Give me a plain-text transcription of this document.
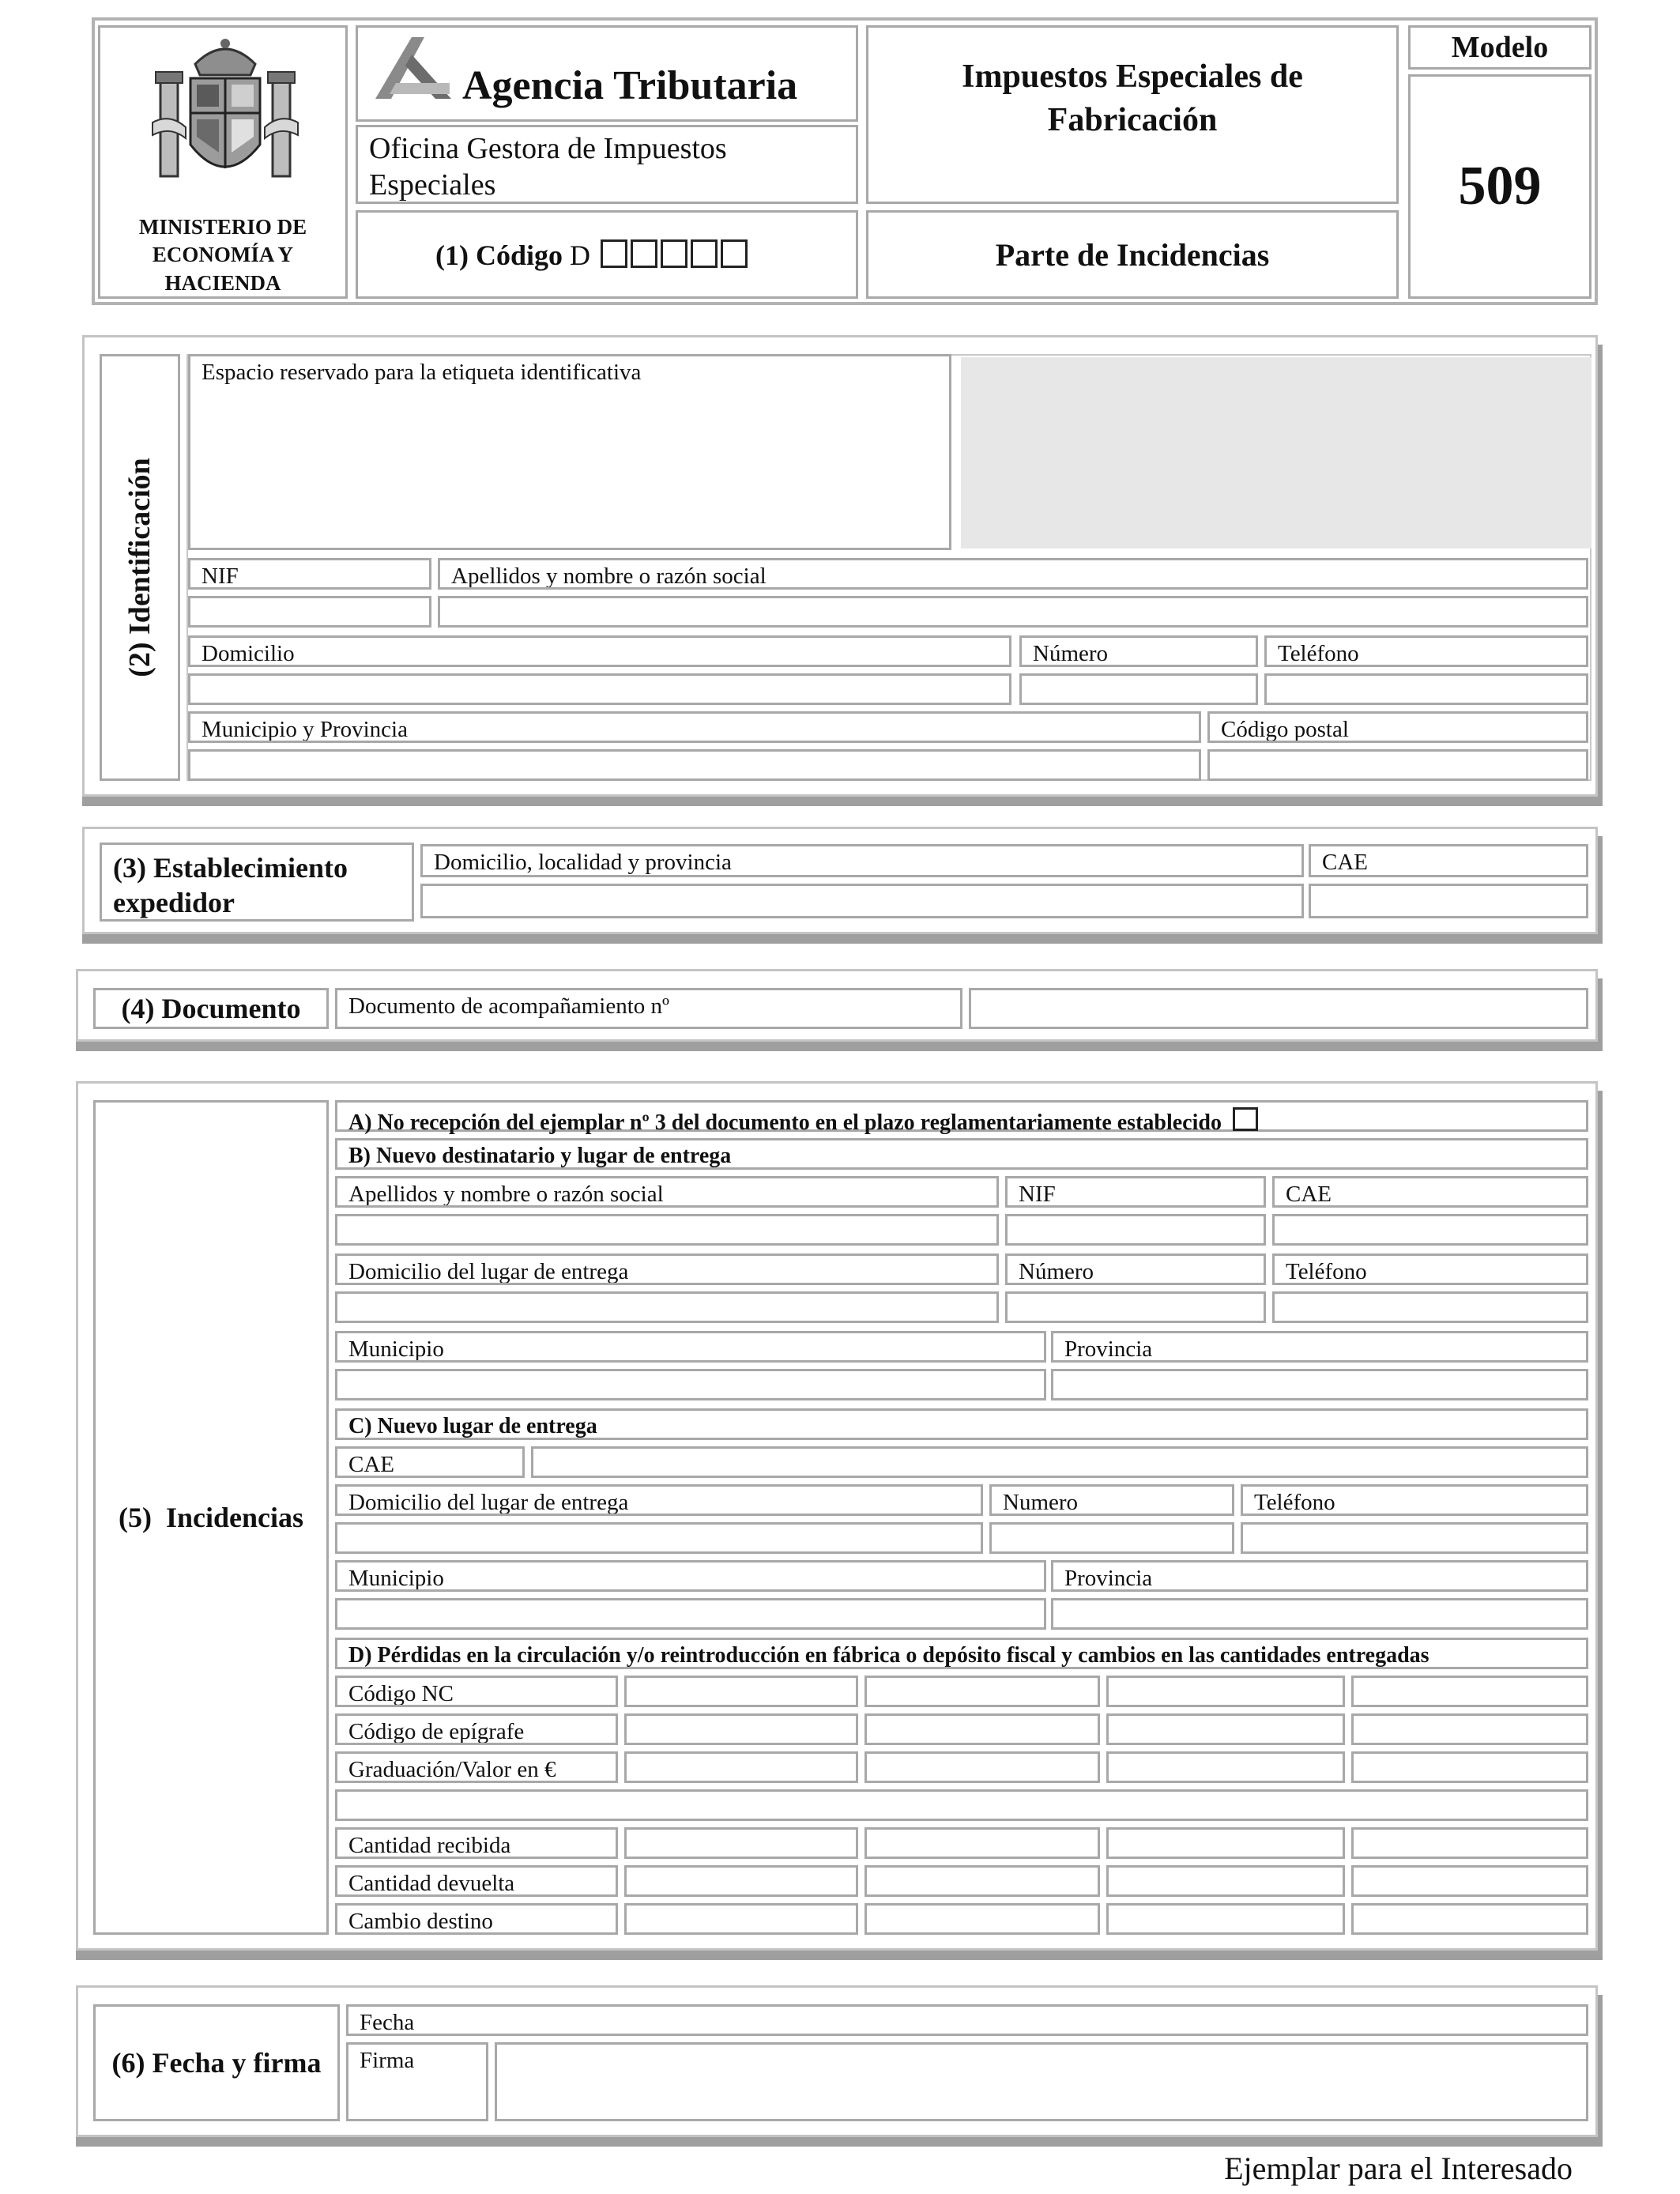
MINISTERIO DE ECONOMÍA Y HACIENDA
Agencia Tributaria
Oficina Gestora de Impuestos Especiales
(1) Código D
Impuestos Especiales de Fabricación
Parte de Incidencias
Modelo
509
(2) Identificación
Espacio reservado para la etiqueta identificativa
NIF	Apellidos y nombre o razón social
Domicilio	Número	Teléfono
Municipio y Provincia	Código postal
(3) Establecimiento expedidor
Domicilio, localidad y provincia	CAE
(4) Documento	Documento de acompañamiento nº
(5)  Incidencias
A) No recepción del ejemplar nº 3 del documento en el plazo reglamentariamente establecido
B) Nuevo destinatario y lugar de entrega
Apellidos y nombre o razón social	NIF	CAE
Domicilio del lugar de entrega	Número	Teléfono
Municipio	Provincia
C) Nuevo lugar de entrega
CAE
Domicilio del lugar de entrega	Numero	Teléfono
Municipio	Provincia
D) Pérdidas en la circulación y/o reintroducción en fábrica o depósito fiscal y cambios en las cantidades entregadas
Código NC
Código de epígrafe
Graduación/Valor en €
Cantidad recibida
Cantidad devuelta
Cambio destino
(6) Fecha y firma
Fecha
Firma
Ejemplar para el Interesado
